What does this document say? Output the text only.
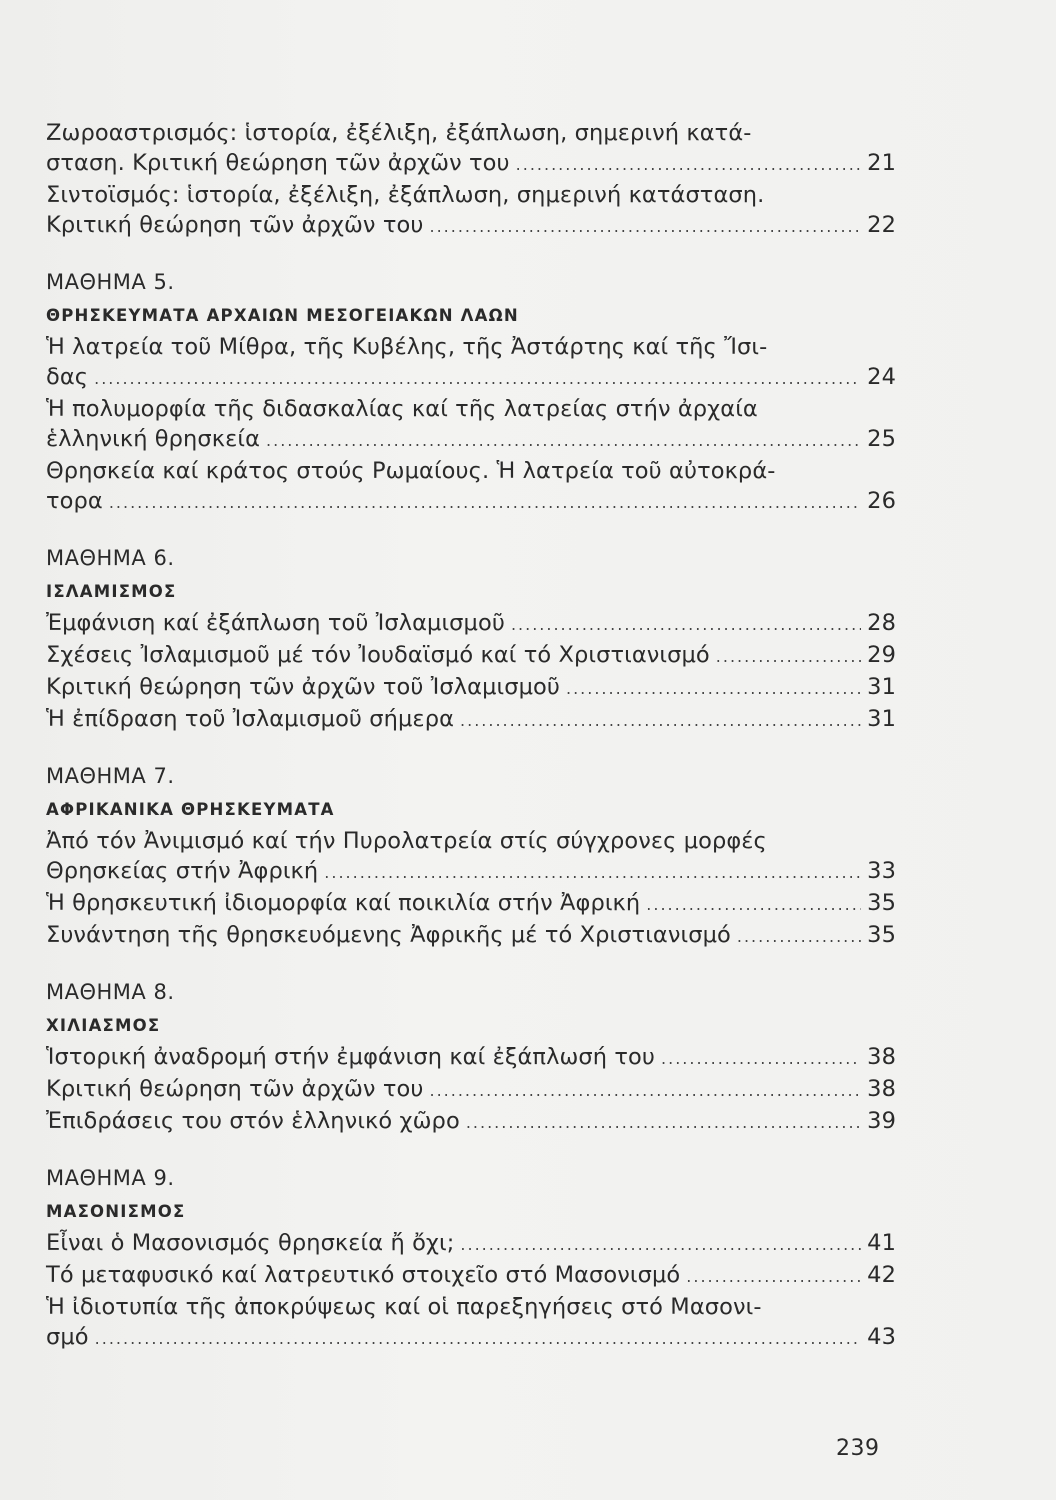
Ζωροαστρισμός: ἱστορία, ἐξέλιξη, ἐξάπλωση, σημερινή κατά-
σταση. Κριτική θεώρηση τῶν ἀρχῶν του .....	21
Σιντοϊσμός: ἱστορία, ἐξέλιξη, ἐξάπλωση, σημερινή κατάσταση.
Κριτική θεώρηση τῶν ἀρχῶν του .....	22
ΜΑΘΗΜΑ 5.
ΘΡΗΣΚΕΥΜΑΤΑ ΑΡΧΑΙΩΝ ΜΕΣΟΓΕΙΑΚΩΝ ΛΑΩΝ
Ἡ λατρεία τοῦ Μίθρα, τῆς Κυβέλης, τῆς Ἀστάρτης καί τῆς Ἴσι-
δας .....	24
Ἡ πολυμορφία τῆς διδασκαλίας καί τῆς λατρείας στήν ἀρχαία
ἑλληνική θρησκεία .....	25
Θρησκεία καί κράτος στούς Ρωμαίους. Ἡ λατρεία τοῦ αὐτοκρά-
τορα .....	26
ΜΑΘΗΜΑ 6.
ΙΣΛΑΜΙΣΜΟΣ
Ἐμφάνιση καί ἐξάπλωση τοῦ Ἰσλαμισμοῦ .....	28
Σχέσεις Ἰσλαμισμοῦ μέ τόν Ἰουδαϊσμό καί τό Χριστιανισμό .....	29
Κριτική θεώρηση τῶν ἀρχῶν τοῦ Ἰσλαμισμοῦ .....	31
Ἡ ἐπίδραση τοῦ Ἰσλαμισμοῦ σήμερα .....	31
ΜΑΘΗΜΑ 7.
ΑΦΡΙΚΑΝΙΚΑ ΘΡΗΣΚΕΥΜΑΤΑ
Ἀπό τόν Ἀνιμισμό καί τήν Πυρολατρεία στίς σύγχρονες μορφές
Θρησκείας στήν Ἀφρική .....	33
Ἡ θρησκευτική ἰδιομορφία καί ποικιλία στήν Ἀφρική .....	35
Συνάντηση τῆς θρησκευόμενης Ἀφρικῆς μέ τό Χριστιανισμό .....	35
ΜΑΘΗΜΑ 8.
ΧΙΛΙΑΣΜΟΣ
Ἱστορική ἀναδρομή στήν ἐμφάνιση καί ἐξάπλωσή του .....	38
Κριτική θεώρηση τῶν ἀρχῶν του .....	38
Ἐπιδράσεις του στόν ἑλληνικό χῶρο .....	39
ΜΑΘΗΜΑ 9.
ΜΑΣΟΝΙΣΜΟΣ
Εἶναι ὁ Μασονισμός θρησκεία ἤ ὄχι; .....	41
Τό μεταφυσικό καί λατρευτικό στοιχεῖο στό Μασονισμό .....	42
Ἡ ἰδιοτυπία τῆς ἀποκρύψεως καί οἱ παρεξηγήσεις στό Μασονι-
σμό .....	43
239
